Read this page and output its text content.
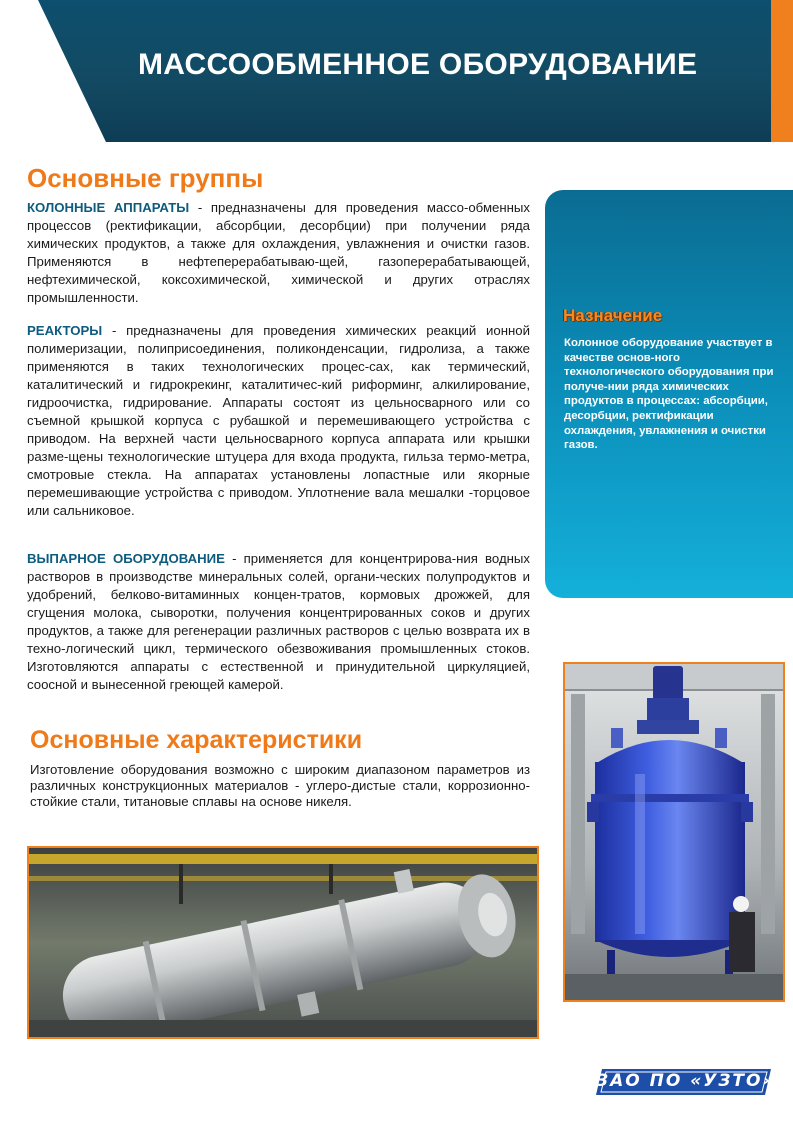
МАССООБМЕННОЕ ОБОРУДОВАНИЕ
Основные группы
КОЛОННЫЕ АППАРАТЫ - предназначены для проведения массо-обменных процессов (ректификации, абсорбции, десорбции) при получении ряда химических продуктов, а также для охлаждения, увлажнения и очистки газов. Применяются в нефтеперерабатываю-щей, газоперерабатывающей, нефтехимической, коксохимической, химической и других отраслях промышленности.
РЕАКТОРЫ - предназначены для проведения химических реакций ионной полимеризации, полиприсоединения, поликонденсации, гидролиза, а также применяются в таких технологических процес-сах, как термический, каталитический и гидрокрекинг, каталитичес-кий риформинг, алкилирование, гидроочистка, гидрирование. Аппараты состоят из цельносварного или со съемной крышкой корпуса с рубашкой и перемешивающего устройства с приводом. На верхней части цельносварного корпуса аппарата или крышки разме-щены технологические штуцера для входа продукта, гильза термо-метра, смотровые стекла. На аппаратах установлены лопастные или якорные перемешивающие устройства с приводом. Уплотнение вала мешалки -торцовое или сальниковое.
ВЫПАРНОЕ ОБОРУДОВАНИЕ - применяется для концентрирова-ния водных растворов в производстве минеральных солей, органи-ческих полупродуктов и удобрений, белково-витаминных концен-тратов, кормовых дрожжей, для сгущения молока, сыворотки, получения концентрированных соков и других продуктов, а также для регенерации различных растворов с целью возврата их в техно-логический цикл, термического обезвоживания промышленных стоков. Изготовляются аппараты с естественной и принудительной циркуляцией, соосной и вынесенной греющей камерой.
Основные характеристики
Изготовление оборудования возможно с широким диапазоном параметров из различных конструкционных материалов - углеро-дистые стали, коррозионно-стойкие стали, титановые сплавы на основе никеля.
Назначение
Колонное оборудование участвует в качестве основ-ного технологического оборудования при получе-нии ряда химических продуктов в процессах: абсорбции, десорбции, ректификации охлаждения, увлажнения и очистки газов.
ЗАО ПО «УЗТО»
